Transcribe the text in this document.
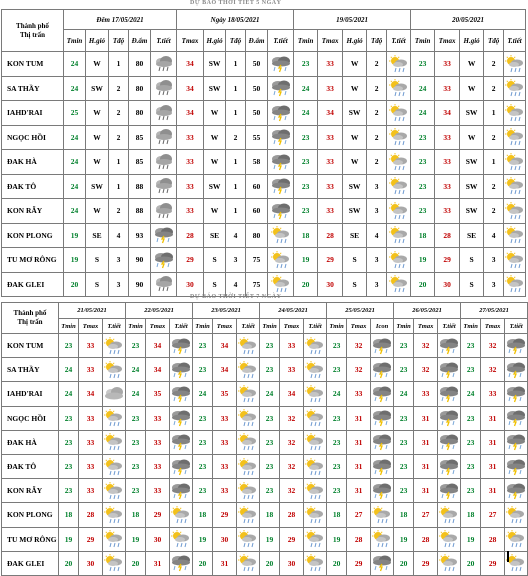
DỰ BÁO THỜI TIẾT 5 NGÀY
DỰ BÁO THỜI TIẾT 7 NGÀY
Thành phố
Thị trấn	Đêm 17/05/2021					Ngày 18/05/2021					19/05/2021					20/05/2021				
	Tmin	H.gió	Tđộ	Đ.ẩm	T.tiết	Tmax	H.gió	Tđộ	Đ.ẩm	T.tiết	Tmin	Tmax	H.gió	Tđộ	T.tiết	Tmin	Tmax	H.gió	Tđộ	T.tiết
KON TUM	24	W	1	80		34	SW	1	50		23	33	W	2		23	33	W	2	

SA THẦY	24	SW	2	80		34	SW	1	50		24	33	W	2		24	33	W	2	

IAHD'RAI	25	W	2	80		34	W	1	50		24	34	SW	2		24	34	SW	1	

NGỌC HỒI	24	W	2	85		33	W	2	55		23	33	W	2		23	33	W	2	

ĐAK HÀ	24	W	1	85		33	W	1	58		23	33	W	2		23	33	SW	1	

ĐAK TÔ	24	SW	1	88		33	SW	1	60		23	33	SW	3		23	33	SW	2	

KON RẪY	24	W	2	88		33	W	1	60		23	33	SW	3		23	33	SW	2	

KON PLONG	19	SE	4	93		28	SE	4	80		18	28	SE	4		18	28	SE	4	

TU MƠ RÔNG	19	S	3	90		29	S	3	75		19	29	S	3		19	29	S	3	

ĐAK GLEI	20	S	3	90		30	S	4	75		20	30	S	3		20	30	S	3	
Thành phố
Thị trấn	21/05/2021			22/05/2021			23/05/2021			24/05/2021			25/05/2021			26/05/2021			27/05/2021		
	Tmin	Tmax	T.tiết	Tmin	Tmax	T.tiết	Tmin	Tmax	T.tiết	Tmin	Tmax	T.tiết	Tmin	Tmax	Icon	Tmin	Tmax	T.tiết	Tmin	Tmax	T.tiết
KON TUM	23	33		23	34		23	34		23	33		23	32		23	32		23	32	

SA THẦY	24	33		24	34		23	34		23	33		23	32		23	32		23	32	

IAHD'RAI	24	34		24	35		24	35		24	34		24	33		24	33		24	33	

NGỌC HỒI	23	33		23	33		23	33		23	32		23	31		23	31		23	31	

ĐAK HÀ	23	33		23	33		23	33		23	32		23	31		23	31		23	31	

ĐAK TÔ	23	33		23	33		23	33		23	32		23	31		23	31		23	31	

KON RẪY	23	33		23	33		23	33		23	32		23	31		23	31		23	31	

KON PLONG	18	28		18	29		18	29		18	28		18	27		18	27		18	27	

TU MƠ RÔNG	19	29		19	30		19	30		19	29		19	28		19	28		19	28	

ĐAK GLEI	20	30		20	31		20	31		20	30		20	29		20	29		20	29	
